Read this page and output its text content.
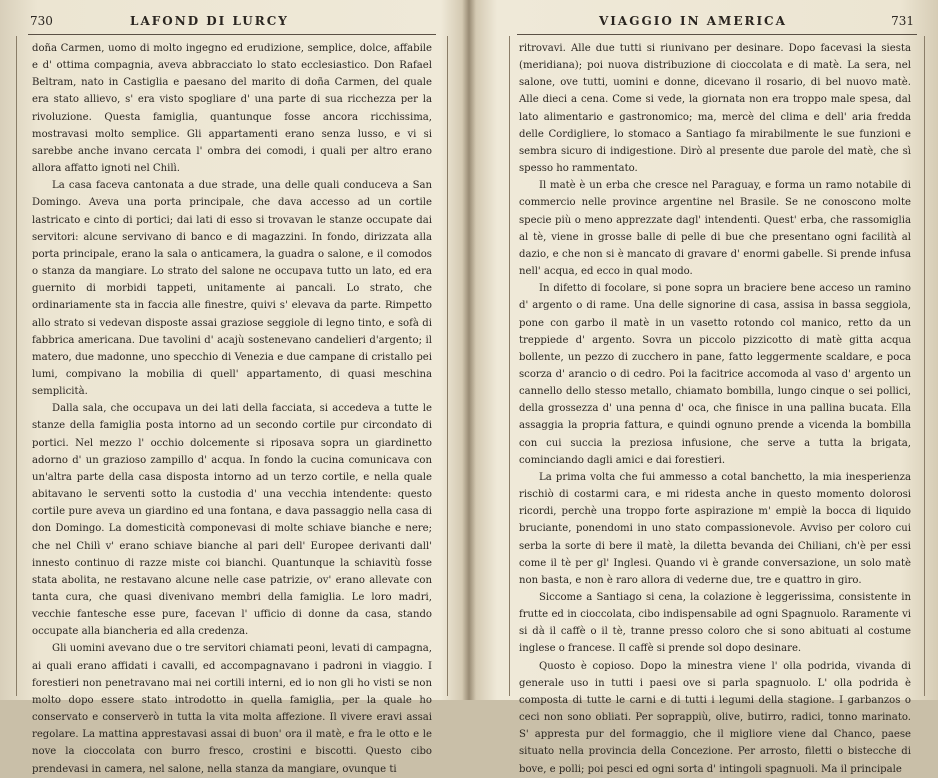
730	LAFOND DI LURCY

doña Carmen, uomo di molto ingegno ed erudizione, semplice, dolce, affabile e d' ottima compagnia, aveva abbracciato lo stato ecclesiastico. Don Rafael Beltram, nato in Castiglia e paesano del marito di doña Carmen, del quale era stato allievo, s' era visto spogliare d' una parte di sua ricchezza per la rivoluzione. Questa famiglia, quantunque fosse ancora ricchissima, mostravasi molto semplice. Gli appartamenti erano senza lusso, e vi si sarebbe anche invano cercata l' ombra dei comodi, i quali per altro erano allora affatto ignoti nel Chilì.

La casa faceva cantonata a due strade, una delle quali conduceva a San Domingo. Aveva una porta principale, che dava accesso ad un cortile lastricato e cinto di portici; dai lati di esso si trovavan le stanze occupate dai servitori: alcune servivano di banco e di magazzini. In fondo, dirizzata alla porta principale, erano la sala o anticamera, la guadra o salone, e il comodos o stanza da mangiare. Lo strato del salone ne occupava tutto un lato, ed era guernito di morbidi tappeti, unitamente ai pancali. Lo strato, che ordinariamente sta in faccia alle finestre, quivi s' elevava da parte. Rimpetto allo strato si vedevan disposte assai graziose seggiole di legno tinto, e sofà di fabbrica americana. Due tavolini d' acajù sostenevano candelieri d'argento; il matero, due madonne, uno specchio di Venezia e due campane di cristallo pei lumi, compivano la mobilia di quell' appartamento, di quasi meschina semplicità.

Dalla sala, che occupava un dei lati della facciata, si accedeva a tutte le stanze della famiglia posta intorno ad un secondo cortile pur circondato di portici. Nel mezzo l' occhio dolcemente si riposava sopra un giardinetto adorno d' un grazioso zampillo d' acqua. In fondo la cucina comunicava con un'altra parte della casa disposta intorno ad un terzo cortile, e nella quale abitavano le serventi sotto la custodia d' una vecchia intendente: questo cortile pure aveva un giardino ed una fontana, e dava passaggio nella casa di don Domingo. La domesticità componevasi di molte schiave bianche e nere; che nel Chilì v' erano schiave bianche al pari dell' Europee derivanti dall' innesto continuo di razze miste coi bianchi. Quantunque la schiavitù fosse stata abolita, ne restavano alcune nelle case patrizie, ov' erano allevate con tanta cura, che quasi divenivano membri della famiglia. Le loro madri, vecchie fantesche esse pure, facevan l' ufficio di donne da casa, stando occupate alla biancheria ed alla credenza.

Gli uomini avevano due o tre servitori chiamati peoni, levati di campagna, ai quali erano affidati i cavalli, ed accompagnavano i padroni in viaggio. I forestieri non penetravano mai nei cortili interni, ed io non gli ho visti se non molto dopo essere stato introdotto in quella famiglia, per la quale ho conservato e conserverò in tutta la vita molta affezione. Il vivere eravi assai regolare. La mattina apprestavasi assai di buon' ora il matè, e fra le otto e le nove la cioccolata con burro fresco, crostini e biscotti. Questo cibo prendevasi in camera, nel salone, nella stanza da mangiare, ovunque ti

VIAGGIO IN AMERICA	731

ritrovavi. Alle due tutti si riunivano per desinare. Dopo facevasi la siesta (meridiana); poi nuova distribuzione di cioccolata e di matè. La sera, nel salone, ove tutti, uomini e donne, dicevano il rosario, di bel nuovo matè. Alle dieci a cena. Come si vede, la giornata non era troppo male spesa, dal lato alimentario e gastronomico; ma, mercè del clima e dell' aria fredda delle Cordigliere, lo stomaco a Santiago fa mirabilmente le sue funzioni e sembra sicuro di indigestione. Dirò al presente due parole del matè, che sì spesso ho rammentato.

Il matè è un erba che cresce nel Paraguay, e forma un ramo notabile di commercio nelle province argentine nel Brasile. Se ne conoscono molte specie più o meno apprezzate dagl' intendenti. Quest' erba, che rassomiglia al tè, viene in grosse balle di pelle di bue che presentano ogni facilità al dazio, e che non si è mancato di gravare d' enormi gabelle. Si prende infusa nell' acqua, ed ecco in qual modo.

In difetto di focolare, si pone sopra un braciere bene acceso un ramino d' argento o di rame. Una delle signorine di casa, assisa in bassa seggiola, pone con garbo il matè in un vasetto rotondo col manico, retto da un treppiede d' argento. Sovra un piccolo pizzicotto di matè gitta acqua bollente, un pezzo di zucchero in pane, fatto leggermente scaldare, e poca scorza d' arancio o di cedro. Poi la facitrice accomoda al vaso d' argento un cannello dello stesso metallo, chiamato bombilla, lungo cinque o sei pollici, della grossezza d' una penna d' oca, che finisce in una pallina bucata. Ella assaggia la propria fattura, e quindi ognuno prende a vicenda la bombilla con cui succia la preziosa infusione, che serve a tutta la brigata, cominciando dagli amici e dai forestieri.

La prima volta che fui ammesso a cotal banchetto, la mia inesperienza rischiò di costarmi cara, e mi ridesta anche in questo momento dolorosi ricordi, perchè una troppo forte aspirazione m' empiè la bocca di liquido bruciante, ponendomi in uno stato compassionevole. Avviso per coloro cui serba la sorte di bere il matè, la diletta bevanda dei Chiliani, ch'è per essi come il tè per gl' Inglesi. Quando vi è grande conversazione, un solo matè non basta, e non è raro allora di vederne due, tre e quattro in giro.

Siccome a Santiago si cena, la colazione è leggerissima, consistente in frutte ed in cioccolata, cibo indispensabile ad ogni Spagnuolo. Raramente vi si dà il caffè o il tè, tranne presso coloro che si sono abituati al costume inglese o francese. Il caffè si prende sol dopo desinare.

Quosto è copioso. Dopo la minestra viene l' olla podrida, vivanda di generale uso in tutti i paesi ove si parla spagnuolo. L' olla podrida è composta di tutte le carni e di tutti i legumi della stagione. I garbanzos o ceci non sono obliati. Per soprappiù, olive, butirro, radici, tonno marinato. S' appresta pur del formaggio, che il migliore viene dal Chanco, paese situato nella provincia della Concezione. Per arrosto, filetti o bistecche di bove, e polli; poi pesci ed ogni sorta d' intingoli spagnuoli. Ma il principale
